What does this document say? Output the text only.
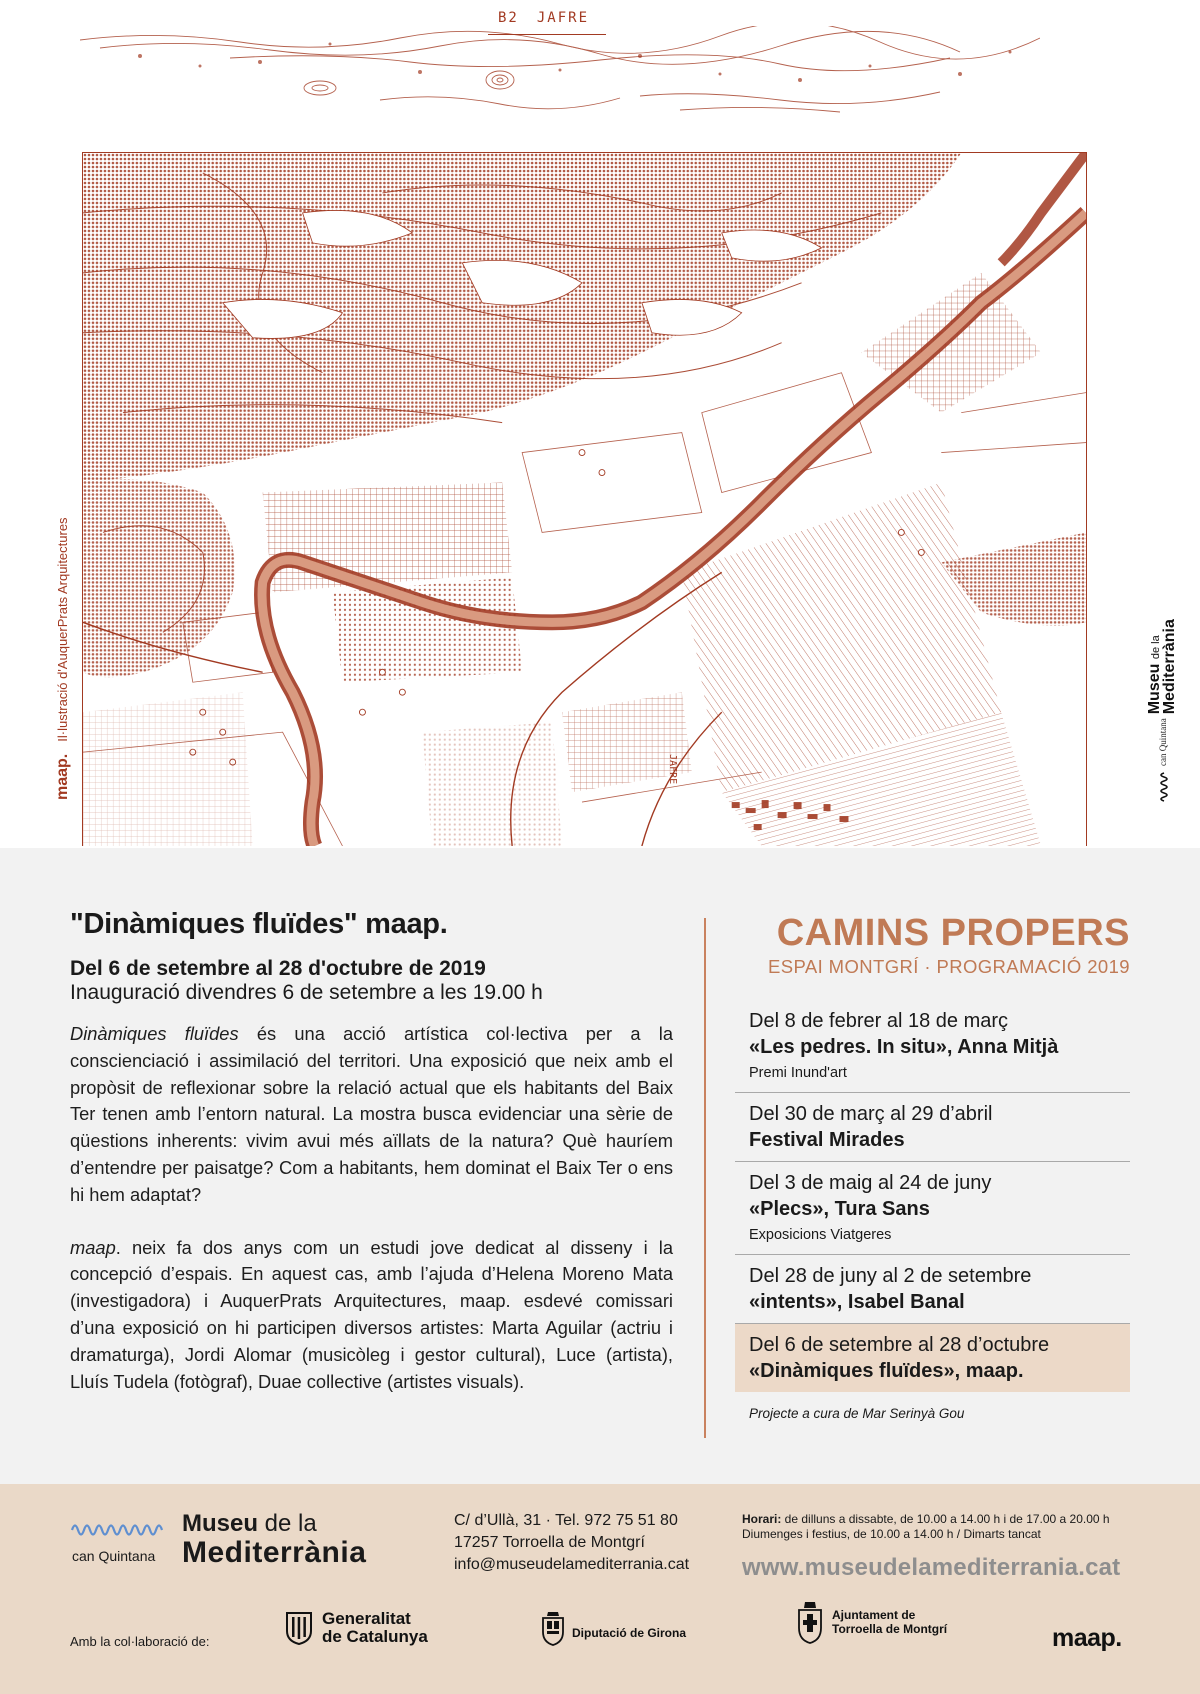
B2 JAFRE
JAFRE
maap.Il·lustració d'AuquerPrats Arquitectures
can Quintana
Museu de la
Mediterrània
"Dinàmiques fluïdes" maap.
Del 6 de setembre al 28 d'octubre de 2019
Inauguració divendres 6 de setembre a les 19.00 h

Dinàmiques fluïdes és una acció artística col·lectiva per a la conscienciació i assimilació del territori. Una exposició que neix amb el propòsit de reflexionar sobre la relació actual que els habitants del Baix Ter tenen amb l’entorn natural. La mostra busca evidenciar una sèrie de qüestions inherents: vivim avui més aïllats de la natura? Què hauríem d’entendre per paisatge? Com a habitants, hem dominat el Baix Ter o ens hi hem adaptat?

maap. neix fa dos anys com un estudi jove dedicat al disseny i la concepció d’espais. En aquest cas, amb l’ajuda d’Helena Moreno Mata (investigadora) i AuquerPrats Arquitectures, maap. esdevé comissari d’una exposició on hi participen diversos artistes: Marta Aguilar (actriu i dramaturga), Jordi Alomar (musicòleg i gestor cultural), Luce (artista), Lluís Tudela (fotògraf), Duae collective (artistes visuals).

CAMINS PROPERS
ESPAI MONTGRÍ · PROGRAMACIÓ 2019
Del 8 de febrer al 18 de març
«Les pedres. In situ», Anna Mitjà
Premi Inund'art
Del 30 de març al 29 d’abril
Festival Mirades
Del 3 de maig al 24 de juny
«Plecs», Tura Sans
Exposicions Viatgeres
Del 28 de juny al 2 de setembre
«intents», Isabel Banal
Del 6 de setembre al 28 d’octubre
«Dinàmiques fluïdes», maap.
Projecte a cura de Mar Serinyà Gou
can Quintana
Museu de la
Mediterrània
C/ d’Ullà, 31 · Tel. 972 75 51 80
17257 Torroella de Montgrí
info@museudelamediterrania.cat
Horari: de dilluns a dissabte, de 10.00 a 14.00 h i de 17.00 a 20.00 h
Diumenges i festius, de 10.00 a 14.00 h / Dimarts tancat
www.museudelamediterrania.cat
Amb la col·laboració de:
Generalitat
de Catalunya	Diputació de Girona
Ajuntament de
Torroella de Montgrí	maap.
